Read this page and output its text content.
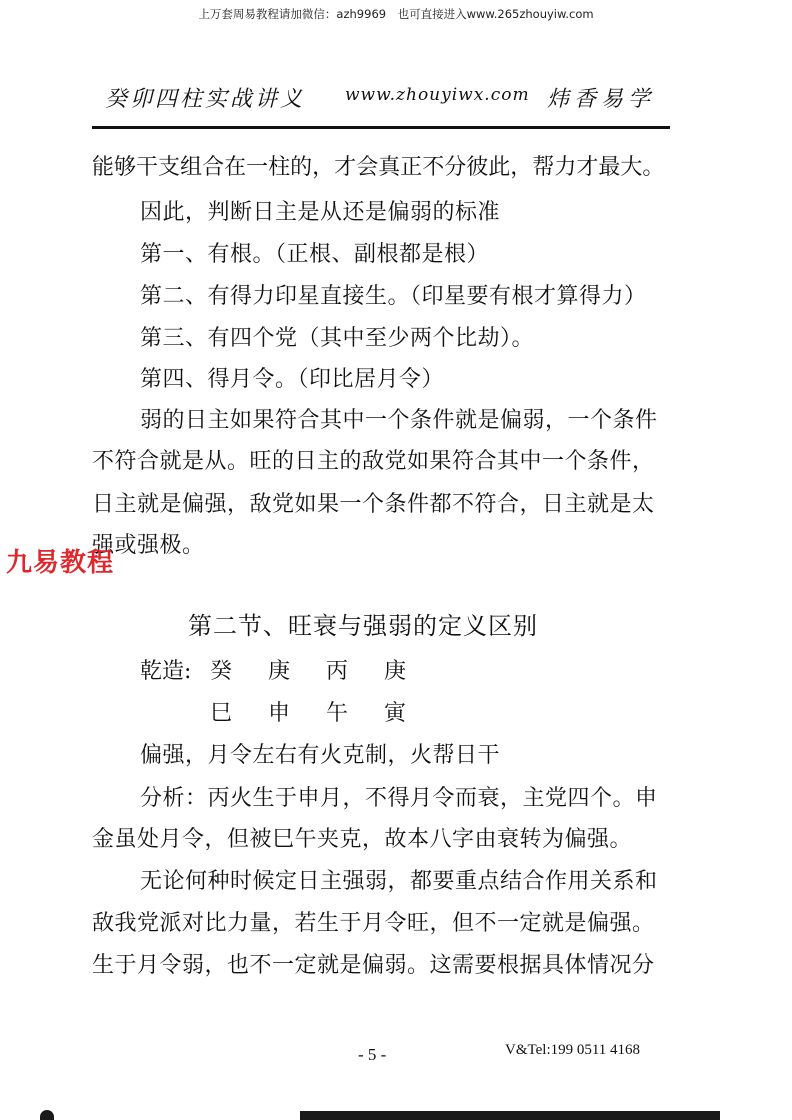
上万套周易教程请加微信：azh9969　也可直接进入www.265zhouyiw.com
癸卯四柱实战讲义 www.zhouyiwx.com 炜香易学
能 够 干 支 组 合 在 一 柱 的 ， 才 会 真 正 不 分 彼 此 ， 帮 力 才 最 大 。
因此，判断日主是从还是偏弱的标准
第一、有根。（正根、副根都是根）
第二、有得力印星直接生。（印星要有根才算得力）
第三、有四个党（其中至少两个比劫）。
第四、得月令。（印比居月令）
弱的日主如果符合其中一个条件就是偏弱，一个条件
不符合就是从。旺的日主的敌党如果符合其中一个条件，
日主就是偏强，敌党如果一个条件都不符合，日主就是太
强或强极。
九易教程
第二节、旺衰与强弱的定义区别
乾造: 癸 庚 丙 庚
巳 申 午 寅
偏强，月令左右有火克制，火帮日干
分析：丙火生于申月，不得月令而衰，主党四个。申
金虽处月令，但被巳午夹克，故本八字由衰转为偏强。
无论何种时候定日主强弱，都要重点结合作用关系和
敌我党派对比力量，若生于月令旺，但不一定就是偏强。
生于月令弱，也不一定就是偏弱。这需要根据具体情况分
- 5 -	V&Tel:199 0511 4168
